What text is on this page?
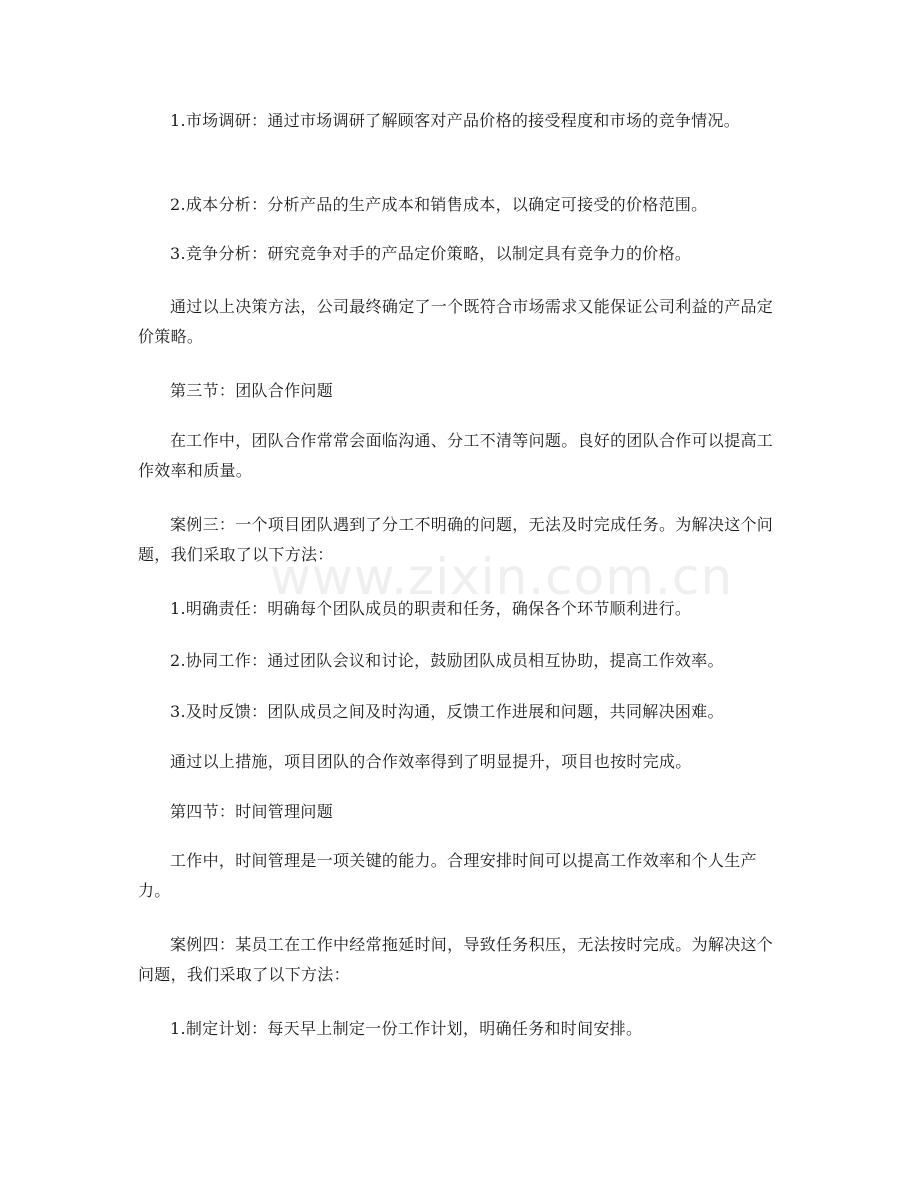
1.市场调研：通过市场调研了解顾客对产品价格的接受程度和市场的竞争情况。

2.成本分析：分析产品的生产成本和销售成本，以确定可接受的价格范围。

3.竞争分析：研究竞争对手的产品定价策略，以制定具有竞争力的价格。

通过以上决策方法，公司最终确定了一个既符合市场需求又能保证公司利益的产品定价策略。

第三节：团队合作问题

在工作中，团队合作常常会面临沟通、分工不清等问题。良好的团队合作可以提高工作效率和质量。

案例三：一个项目团队遇到了分工不明确的问题，无法及时完成任务。为解决这个问题，我们采取了以下方法：

1.明确责任：明确每个团队成员的职责和任务，确保各个环节顺利进行。

2.协同工作：通过团队会议和讨论，鼓励团队成员相互协助，提高工作效率。

3.及时反馈：团队成员之间及时沟通，反馈工作进展和问题，共同解决困难。

通过以上措施，项目团队的合作效率得到了明显提升，项目也按时完成。

第四节：时间管理问题

工作中，时间管理是一项关键的能力。合理安排时间可以提高工作效率和个人生产力。

案例四：某员工在工作中经常拖延时间，导致任务积压，无法按时完成。为解决这个问题，我们采取了以下方法：

1.制定计划：每天早上制定一份工作计划，明确任务和时间安排。

www.zixin.com.cn
